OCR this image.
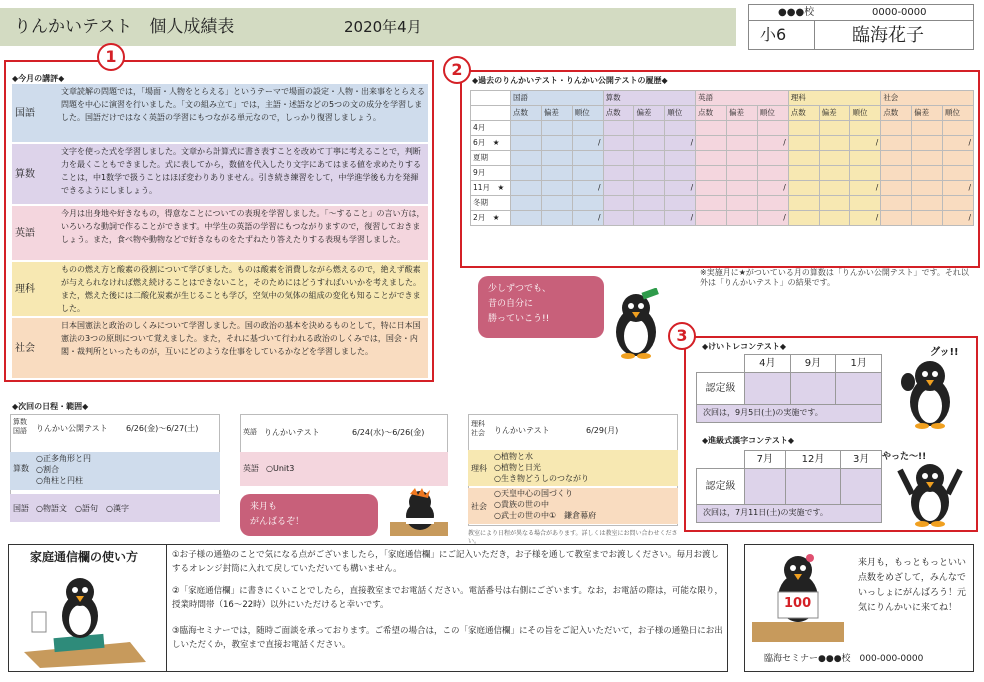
りんかいテスト　個人成績表	2020年4月
●●●校	0000-0000
小6	臨海花子
1
◆今月の講評◆
国語
文章読解の問題では，「場面・人物をとらえる」というテーマで場面の設定・人物・出来事をとらえる問題を中心に演習を行いました。「文の組み立て」では，主語・述語などの5つの文の成分を学習しました。国語だけではなく英語の学習にもつながる単元なので，しっかり復習しましょう。
算数
文字を使った式を学習しました。文章から計算式に書き表すことを改めて丁寧に考えることで，判断力を最くこともできました。式に表してから，数値を代入したり文字にあてはまる値を求めたりすることは，中1数学で扱うことはほぼ変わりありません。引き続き練習をして，中学進学後も力を発揮できるようにしましょう。
英語
今月は出身地や好きなもの，得意なことについての表現を学習しました。「～すること」の言い方は，いろいろな動詞で作ることができます。中学生の英語の学習にもつながりますので，復習しておきましょう。また，食べ物や動物などで好きなものをたずねたり答えたりする表現も学習しました。
理科
ものの燃え方と酸素の役割について学びました。ものは酸素を消費しながら燃えるので，絶えず酸素が与えられなければ燃え続けることはできないこと，そのためにはどうすればいいかを考えました。また，燃えた後には二酸化炭素が生じることも学び，空気中の気体の組成の変化も知ることができました。
社会
日本国憲法と政治のしくみについて学習しました。国の政治の基本を決めるものとして，特に日本国憲法の3つの原則について覚えました。また，それに基づいて行われる政治のしくみでは，国会・内閣・裁判所といったものが，互いにどのような仕事をしているかなどを学習しました。
2
◆過去のりんかいテスト・りんかい公開テストの履歴◆
	国語			算数			英語			理科			社会		
	点数	偏差	順位	点数	偏差	順位	点数	偏差	順位	点数	偏差	順位	点数	偏差	順位
4月															
6月　★			/			/			/			/			/
夏期															
9月															
11月　★			/			/			/			/			/
冬期															
2月　★			/			/			/			/			/
※実施月に★がついている月の算数は「りんかい公開テスト」です。それ以外は「りんかいテスト」の結果です。
少しずつでも、
昔の自分に
勝っていこう!!
3
◆けいトレコンテスト◆
	4月	9月	1月
認定級			
次回は，9月5日(土)の実施です。			
◆進級式漢字コンテスト◆
	7月	12月	3月
認定級			
次回は，7月11日(土)の実施です。			
グッ!!
やった～!!
◆次回の日程・範囲◆
算数
国語 りんかい公開テスト 6/26(金)～6/27(土)
算数
○正多角形と円
○割合
○角柱と円柱
国語 ○物語文　○語句　○漢字
英語 りんかいテスト	6/24(水)～6/26(金)
英語 ○Unit3
来月も
がんばるぞ！
理科
社会 りんかいテスト	6/29(月)
理科
○植物と水
○植物と日光
○生き物どうしのつながり
社会
○天皇中心の国づくり
○貴族の世の中
○武士の世の中①　鎌倉幕府
教室により日程が異なる場合があります。詳しくは教室にお問い合わせください。
家庭通信欄の使い方	①お子様の通塾のことで気になる点がございましたら，「家庭通信欄」にご記入いただき，お子様を通して教室までお渡しください。毎月お渡しするオレンジ封筒に入れて戻していただいても構いません。
②「家庭通信欄」に書きにくいことでしたら，直接教室までお電話ください。電話番号は右側にございます。なお，お電話の際は，可能な限り，授業時間帯（16～22時）以外にいただけると幸いです。
③臨海セミナーでは，随時ご面談を承っております。ご希望の場合は，この「家庭通信欄」にその旨をご記入いただいて，お子様の通塾日にお出しいただくか，教室まで直接お電話ください。
100
来月も，もっともっといい点数をめざして，みんなでいっしょにがんばろう！元気にりんかいに来てね！
臨海セミナー●●●校　000-000-0000
